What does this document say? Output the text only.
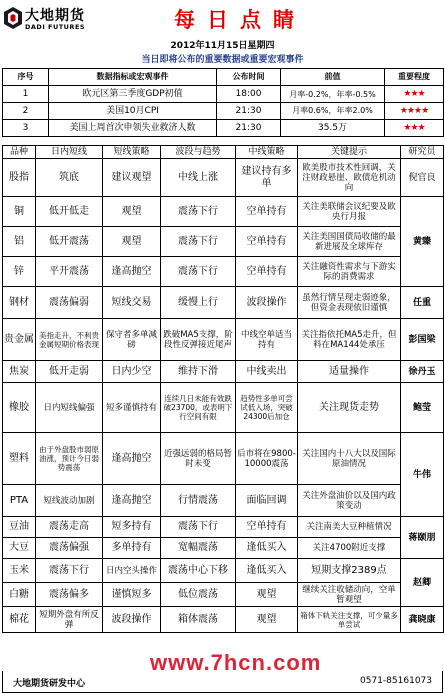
大地期货
DADI FUTURES	每日点睛
2012年11月15日星期四
当日即将公布的重要数据或重要宏观事件
序号	数据指标或宏观事件	公布时间	前值	重要程度
1	欧元区第三季度GDP初值	18:00	月率-0.2%，年率-0.5%	★★★
2	美国10月CPI	21:30	月率0.6%，年率2.0%	★★★★
3	美国上周首次申领失业救济人数	21:30	35.5万	★★★
品种	日内短线	短线策略	波段与趋势	中线策略	关键提示	研究员
股指	筑底	建议观望	中线上涨	建议持有多单	欧美股市技术性回调，关注财政悬崖、欧债危机动向	倪官良
铜	低开低走	观望	震荡下行	空单持有	关注美联储会议纪要及欧央行月报	黄臻
铝	低开震荡	观望	震荡下行	空单持有	关注美国国债局收储的最新进展及全球库存	
锌	平开震荡	逢高抛空	震荡下行	空单持有	关注融资性需求与下游实际的消费需求	
钢材	震荡偏弱	短线交易	缓慢上行	波段操作	虽然行情呈现走弱迹象，但资金表现依旧谨慎	任重
贵金属	美指走升，不利贵金属短期价格表现	保守者多单减磅	跌破MA5支撑，阶段性反弹接近尾声	中线空单适当持有	关注指依托MA5走升，但料在MA144处承压	彭国梁
焦炭	低开走弱	日内少空	维持下滑	中线卖出	适量操作	徐丹玉
橡胶	日内短线偏强	短多谨慎持有	连续几日未能有效跌破23700，或表明下行空间有限	趋势性多单可尝试低入场，突破24300后加仓	关注现货走势	鲍莹
塑料	由于外盘股市弱原油涨，预计今日弱势震荡	逢高抛空	近强远弱的格局暂时未变	后市将在9800-10000震荡	关注国内十八大以及国际原油情况	牛伟
PTA	短线波动加剧	逢高抛空	行情震荡	面临回调	关注外盘油价以及国内政策变动	
豆油	震荡走高	短多持有	震荡下行	空单持有	关注南美大豆种植情况	蒋颐朋
大豆	震荡偏强	多单持有	宽幅震荡	逢低买入	关注4700附近支撑	
玉米	震荡下行	日内空头操作	震荡中心下移	逢低买入	短期支撑2389点	赵卿
白糖	震荡偏多	谨慎短多	低位震荡	观望	继续关注收储动向，空单暂观望	
棉花	短期外盘有所反弹	波段操作	箱体震荡	观望	箱体下轨关注支撑，可少量多单尝试	龚晓康
大地期货研发中心	0571-85161073
www.7hcn.com
